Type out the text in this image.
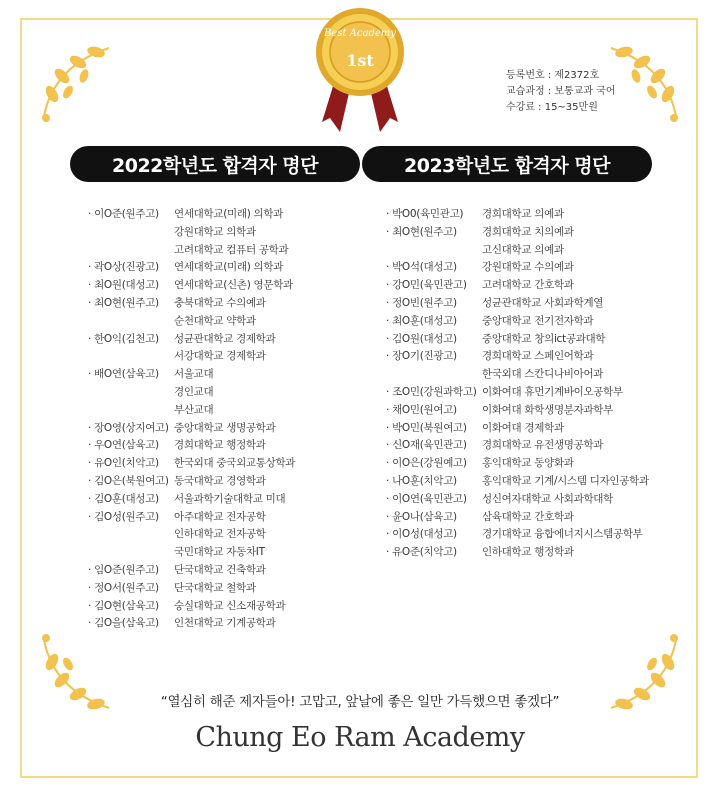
Best Academy
1st
등록번호 : 제2372호
교습과정 : 보통교과 국어
수강료 : 15~35만원
2022학년도 합격자 명단	2023학년도 합격자 명단
· 이O준(원주고)	연세대학교(미래) 의학과
강원대학교 의학과
고려대학교 컴퓨터 공학과
· 곽O상(진광고)	연세대학교(미래) 의학과
· 최O원(대성고)	연세대학교(신촌) 영문학과
· 최O현(원주고)	충북대학교 수의예과
순천대학교 약학과
· 한O익(김천고)	성균관대학교 경제학과
서강대학교 경제학과
· 배O연(삼육고)	서울교대
경인교대
부산교대
· 장O영(상지여고) 중앙대학교 생명공학과
· 우O연(삼육고)	경희대학교 행정학과
· 유O인(치악고)	한국외대 중국외교통상학과
· 김O은(북원여고) 동국대학교 경영학과
· 김O훈(대성고)	서울과학기술대학교 미대
· 김O성(원주고)	아주대학교 전자공학
인하대학교 전자공학
국민대학교 자동차IT
· 임O준(원주고)	단국대학교 건축학과
· 정O서(원주고)	단국대학교 철학과
· 김O현(삼육고)	숭실대학교 신소재공학과
· 김O을(삼육고)	인천대학교 기계공학과
· 박O0(육민관고)	경희대학교 의예과
· 최O현(원주고)	경희대학교 치의예과
고신대학교 의예과
· 박O석(대성고)	강원대학교 수의예과
· 강O민(육민관고)	고려대학교 간호학과
· 정O빈(원주고)	성균관대학교 사회과학계열
· 최O훈(대성고)	중앙대학교 전기전자학과
· 김O원(대성고)	중앙대학교 창의ict공과대학
· 장O기(진광고)	경희대학교 스페인어학과
한국외대 스칸디나비아어과
· 조O민(강원과학고) 이화여대 휴먼기계바이오공학부
· 채O민(원여고)	이화여대 화학생명분자과학부
· 박O민(북원여고)	이화여대 경제학과
· 신O재(육민관고)	경희대학교 유전생명공학과
· 이O은(강원예고)	홍익대학교 동양화과
· 나O훈(치악고)	홍익대학교 기계/시스템 디자인공학과
· 이O연(육민관고)	성신여자대학교 사회과학대학
· 윤O나(삼육고)	삼육대학교 간호학과
· 이O성(대성고)	경기대학교 융합에너지시스템공학부
· 유O준(치악고)	인하대학교 행정학과
“열심히 해준 제자들아! 고맙고, 앞날에 좋은 일만 가득했으면 좋겠다”
Chung Eo Ram Academy
